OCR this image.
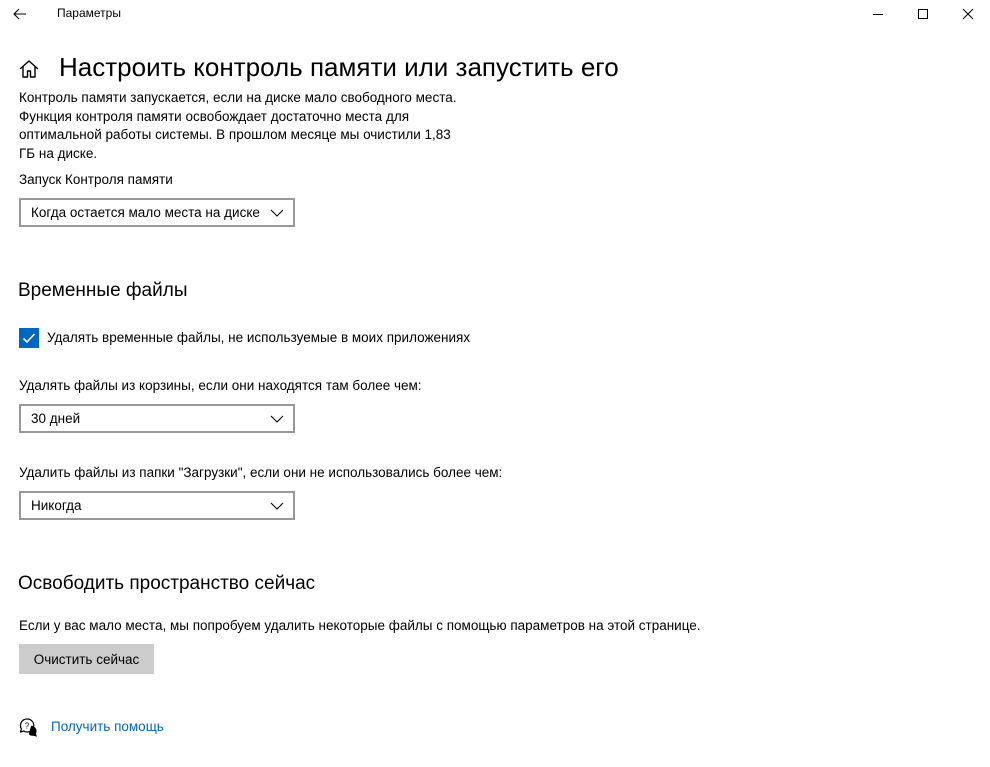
Параметры
Настроить контроль памяти или запустить его
Контроль памяти запускается, если на диске мало свободного места.
Функция контроля памяти освобождает достаточно места для
оптимальной работы системы. В прошлом месяце мы очистили 1,83
ГБ на диске.
Запуск Контроля памяти
Когда остается мало места на диске
Временные файлы
Удалять временные файлы, не используемые в моих приложениях
Удалять файлы из корзины, если они находятся там более чем:
30 дней
Удалить файлы из папки "Загрузки", если они не использовались более чем:
Никогда
Освободить пространство сейчас
Если у вас мало места, мы попробуем удалить некоторые файлы с помощью параметров на этой странице.
Очистить сейчас
? Получить помощь
